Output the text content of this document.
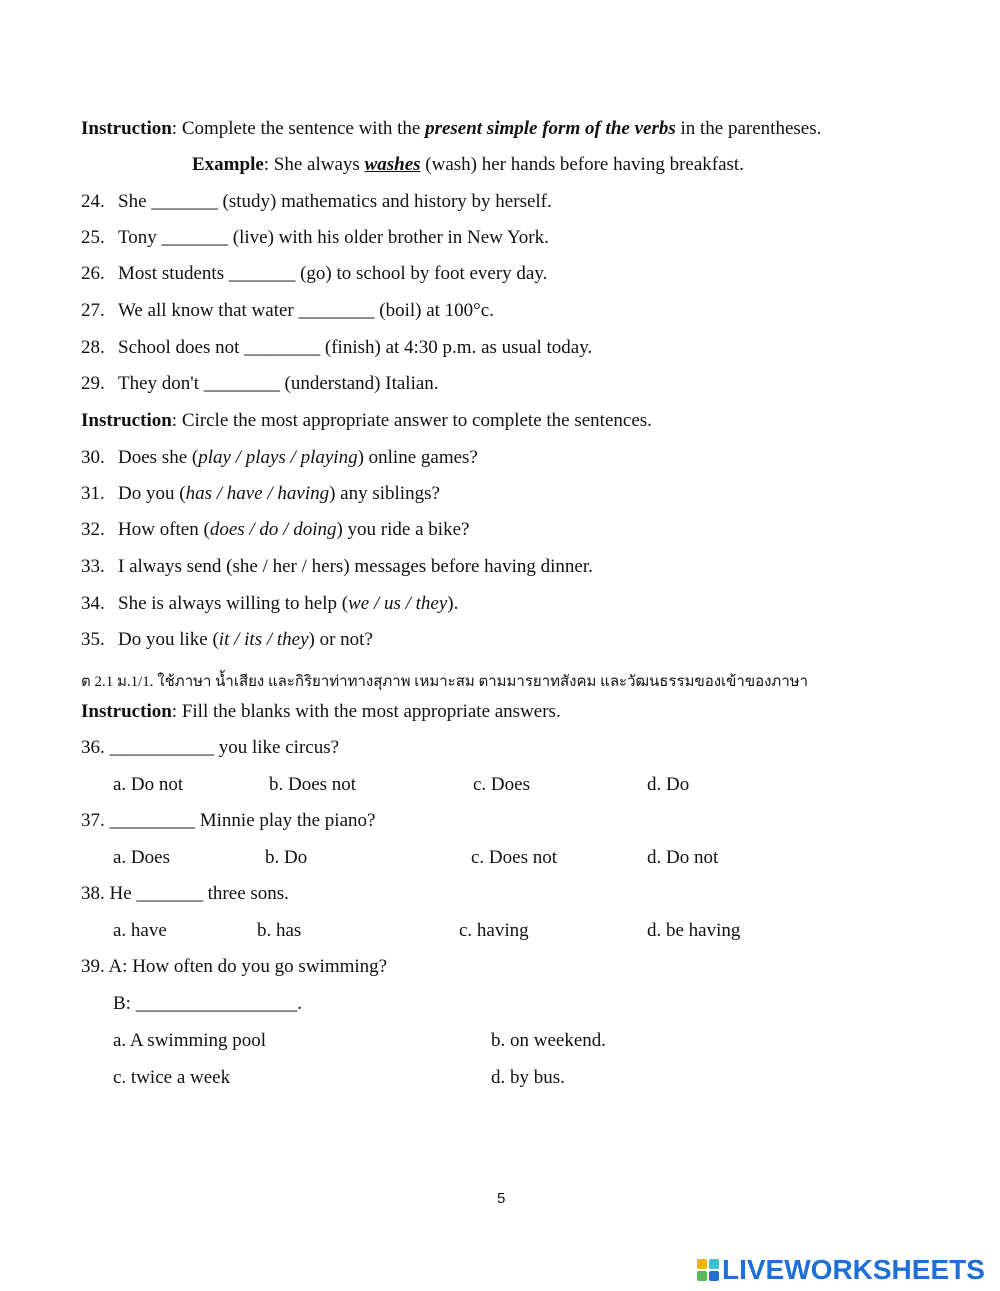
Instruction: Complete the sentence with the present simple form of the verbs in the parentheses.
Example: She always washes (wash) her hands before having breakfast.
24. She _______ (study) mathematics and history by herself.
25. Tony _______ (live) with his older brother in New York.
26. Most students _______ (go) to school by foot every day.
27. We all know that water ________ (boil) at 100°c.
28. School does not ________ (finish) at 4:30 p.m. as usual today.
29. They don't ________ (understand) Italian.
Instruction: Circle the most appropriate answer to complete the sentences.
30. Does she (play / plays / playing) online games?
31. Do you (has / have / having) any siblings?
32. How often (does / do / doing) you ride a bike?
33. I always send (she / her / hers) messages before having dinner.
34. She is always willing to help (we / us / they).
35. Do you like (it / its / they) or not?
ต 2.1 ม.1/1. ใช้ภาษา น้ำเสียง และกิริยาท่าทางสุภาพ เหมาะสม ตามมารยาทสังคม และวัฒนธรรมของเข้าของภาษา
Instruction: Fill the blanks with the most appropriate answers.
36. ___________ you like circus?
a. Do not	b. Does not	c. Does	d. Do
37. _________ Minnie play the piano?
a. Does	b. Do	c. Does not	d. Do not
38. He _______ three sons.
a. have	b. has	c. having	d. be having
39. A: How often do you go swimming?
B: _________________.
a. A swimming pool	b. on weekend.
c. twice a week	d. by bus.
5
LIVEWORKSHEETS
